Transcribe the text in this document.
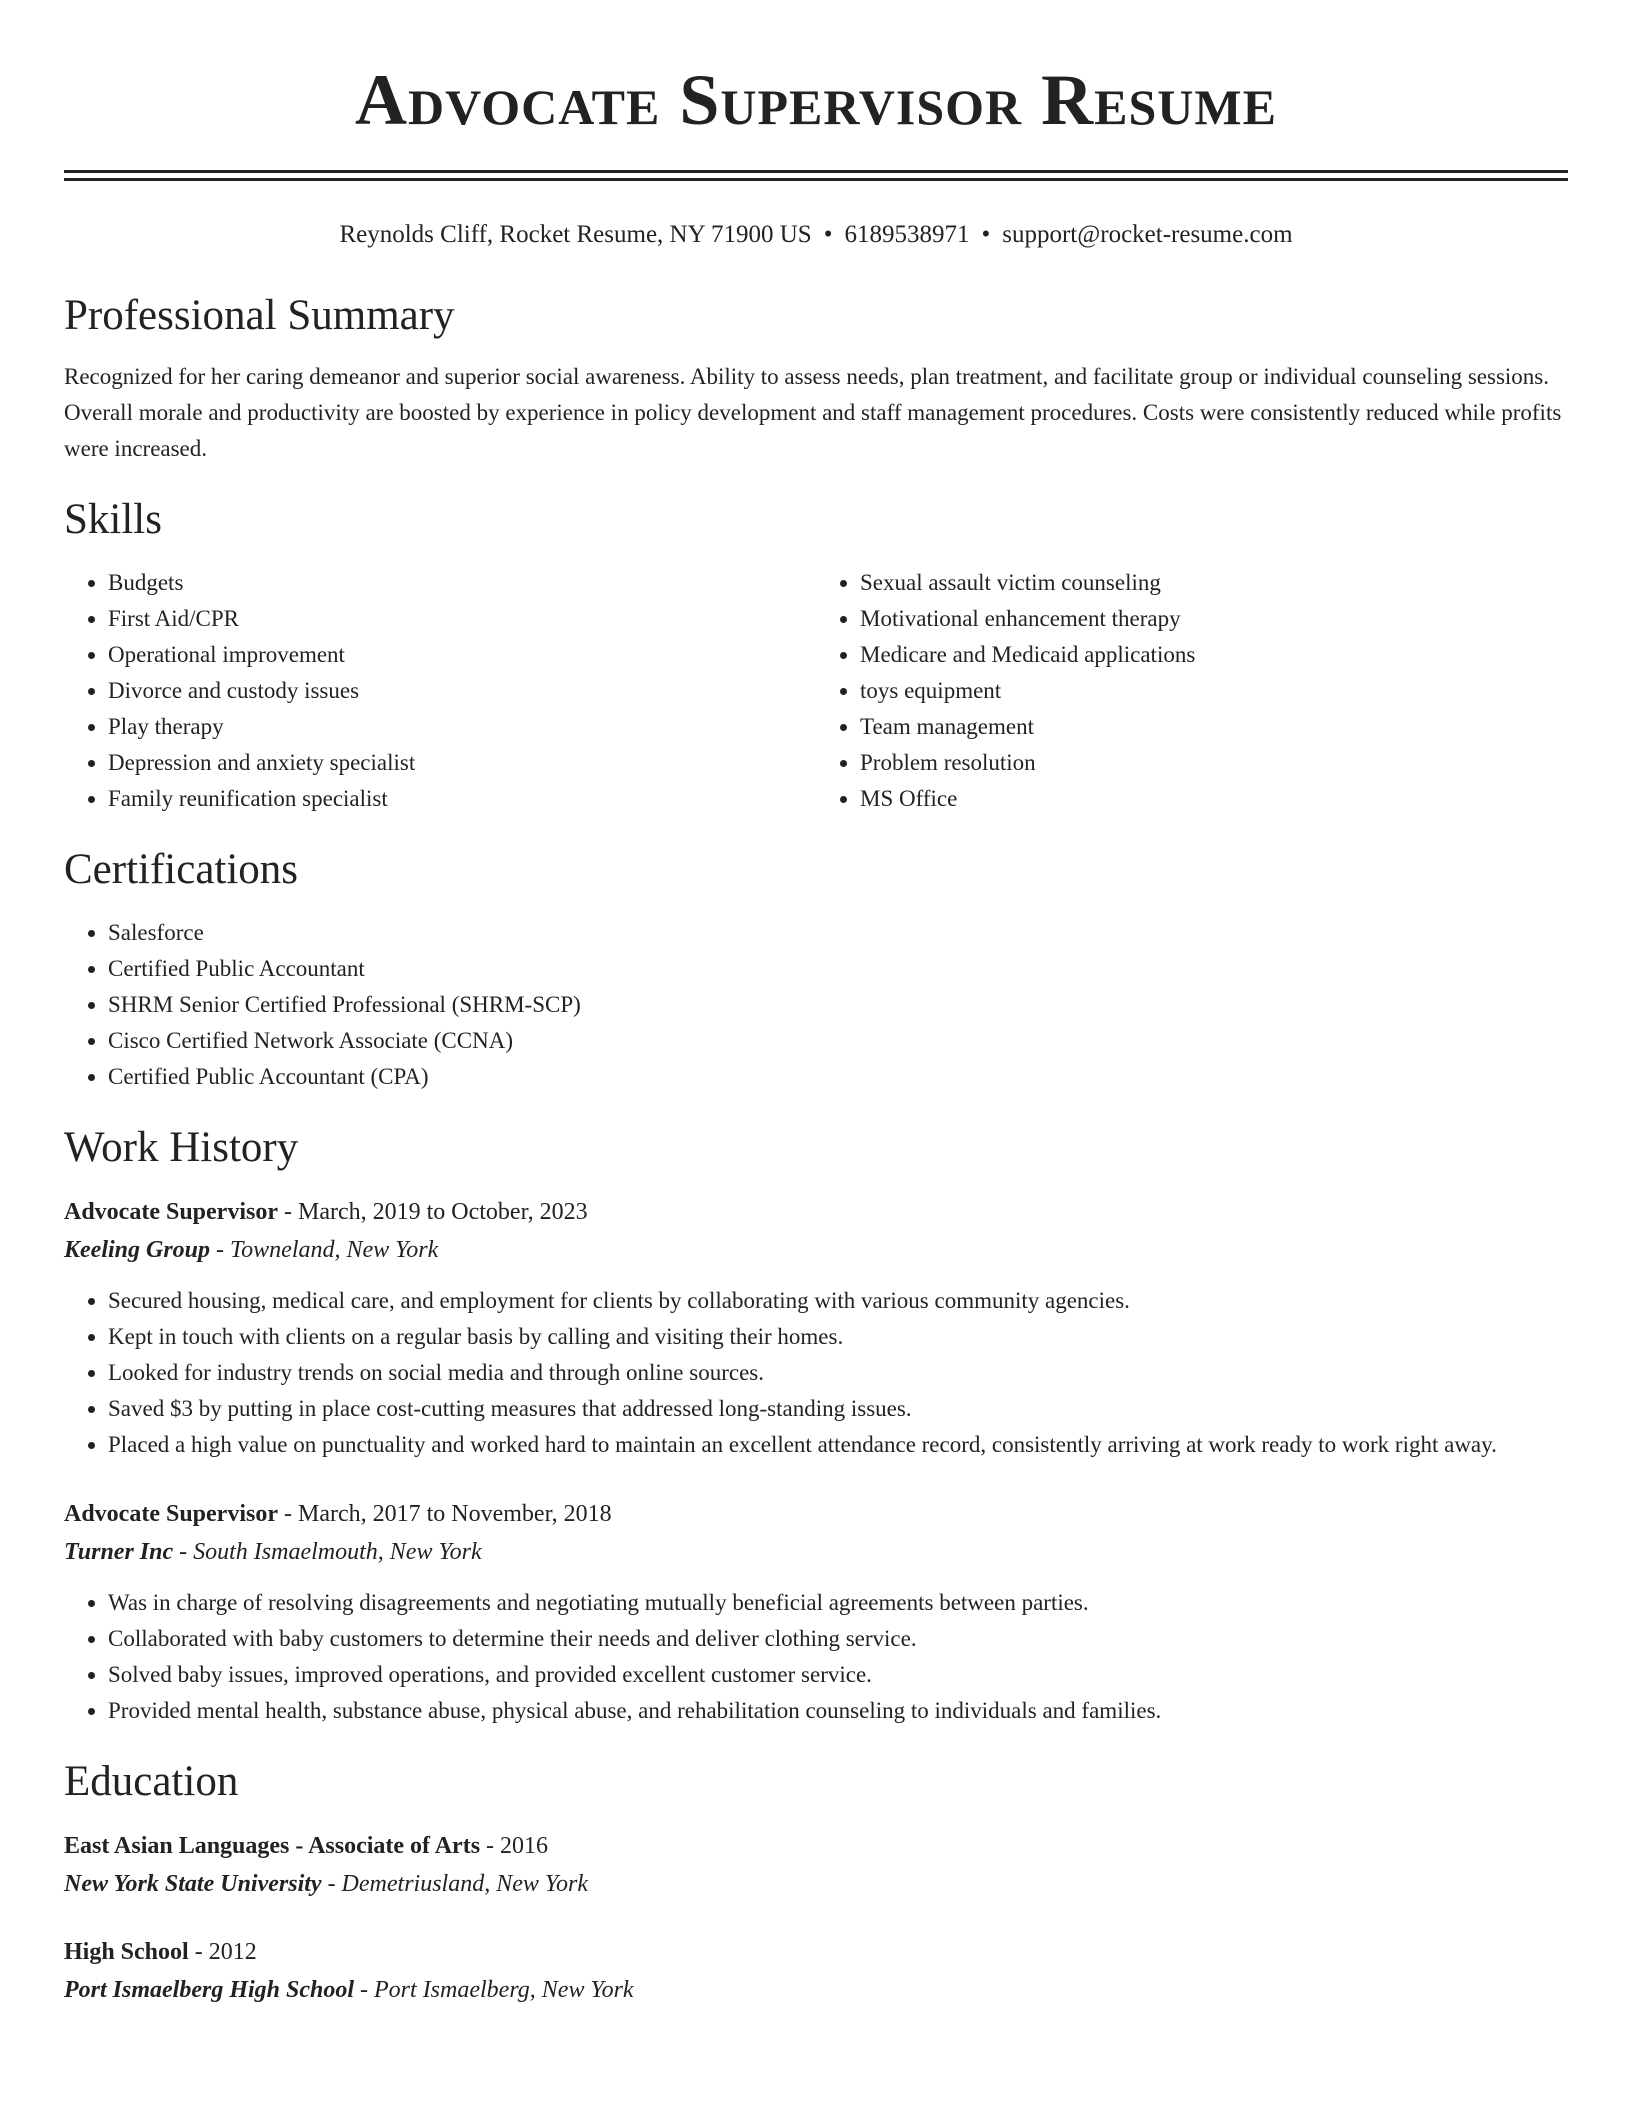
Advocate Supervisor Resume
Reynolds Cliff, Rocket Resume, NY 71900 US • 6189538971 • support@rocket-resume.com
Professional Summary

Recognized for her caring demeanor and superior social awareness. Ability to assess needs, plan treatment, and facilitate group or individual counseling sessions. Overall morale and productivity are boosted by experience in policy development and staff management procedures. Costs were consistently reduced while profits were increased.

Skills
• Budgets
• First Aid/CPR
• Operational improvement
• Divorce and custody issues
• Play therapy
• Depression and anxiety specialist
• Family reunification specialist
• Sexual assault victim counseling
• Motivational enhancement therapy
• Medicare and Medicaid applications
• toys equipment
• Team management
• Problem resolution
• MS Office
Certifications
• Salesforce
• Certified Public Accountant
• SHRM Senior Certified Professional (SHRM-SCP)
• Cisco Certified Network Associate (CCNA)
• Certified Public Accountant (CPA)
Work History
Advocate Supervisor - March, 2019 to October, 2023
Keeling Group - Towneland, New York
• Secured housing, medical care, and employment for clients by collaborating with various community agencies.
• Kept in touch with clients on a regular basis by calling and visiting their homes.
• Looked for industry trends on social media and through online sources.
• Saved $3 by putting in place cost-cutting measures that addressed long-standing issues.
• Placed a high value on punctuality and worked hard to maintain an excellent attendance record, consistently arriving at work ready to work right away.
Advocate Supervisor - March, 2017 to November, 2018
Turner Inc - South Ismaelmouth, New York
• Was in charge of resolving disagreements and negotiating mutually beneficial agreements between parties.
• Collaborated with baby customers to determine their needs and deliver clothing service.
• Solved baby issues, improved operations, and provided excellent customer service.
• Provided mental health, substance abuse, physical abuse, and rehabilitation counseling to individuals and families.
Education
East Asian Languages - Associate of Arts - 2016
New York State University - Demetriusland, New York
High School - 2012
Port Ismaelberg High School - Port Ismaelberg, New York
